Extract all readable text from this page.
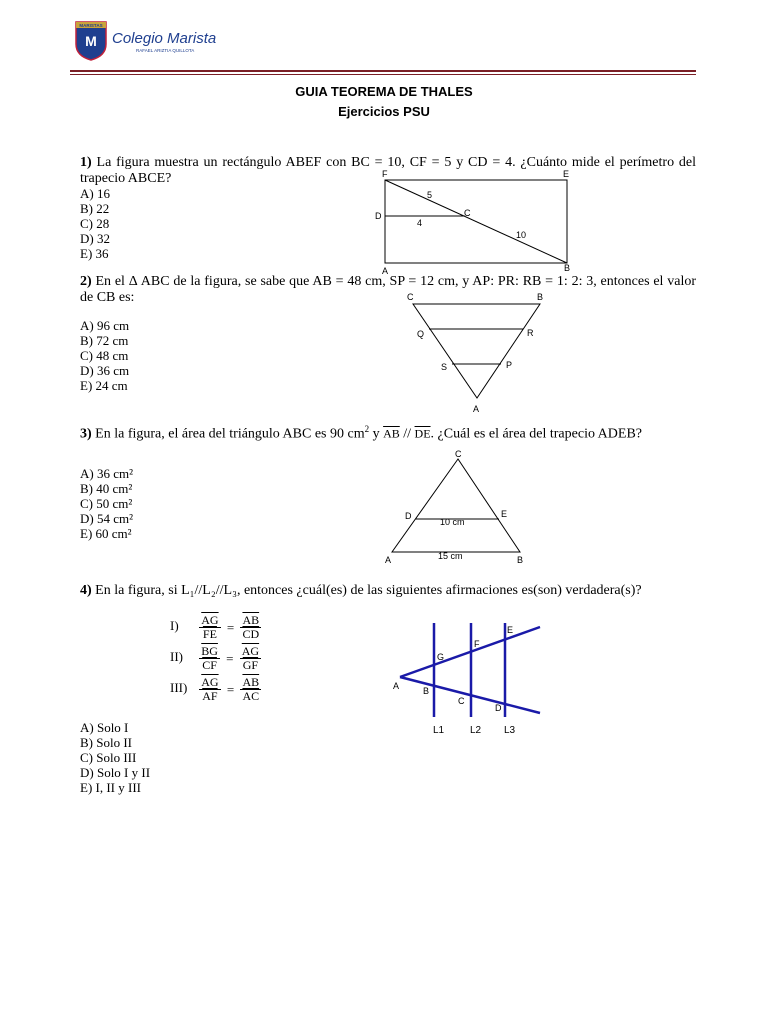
MARISTAS
M Colegio Marista
RAFAEL ARIZTIA QUILLOTA
GUIA TEOREMA DE THALES
Ejercicios PSU
1) La figura muestra un rectángulo ABEF con BC = 10, CF = 5 y CD = 4. ¿Cuánto mide el perímetro del trapecio ABCE?
A) 16
B) 22
C) 28
D) 32
E) 36
F	E
D	C
A	B
5
4
10
2) En el Δ ABC de la figura, se sabe que AB = 48 cm, SP = 12 cm, y AP: PR: RB = 1: 2: 3, entonces el valor de CB es:
A) 96 cm
B) 72 cm
C) 48 cm
D) 36 cm
E) 24 cm
C	B
Q	R
S	P
A
3) En la figura, el área del triángulo ABC es 90 $cm^2$ y $\overline{AB} // \overline{DE}$. ¿Cuál es el área del trapecio ADEB?
A) 36 cm²
B) 40 cm²
C) 50 cm²
D) 54 cm²
E) 60 cm²
C
D	E
A	B
10 cm
15 cm
4) En la figura, si L₁//L₂//L₃, entonces ¿cuál(es) de las siguientes afirmaciones es(son) verdadera(s)?
$I) \frac{\overline{AG}}{FE} = \frac{\overline{AB}}{CD}$
$II) \frac{\overline{BG}}{CF} = \frac{\overline{AG}}{GF}$
$III) \frac{\overline{AG}}{AF} = \frac{\overline{AB}}{AC}$
A) Solo I
B) Solo II
C) Solo III
D) Solo I y II
E) I, II y III
A	B
C
D
E
F
G
L1	L2 L3
